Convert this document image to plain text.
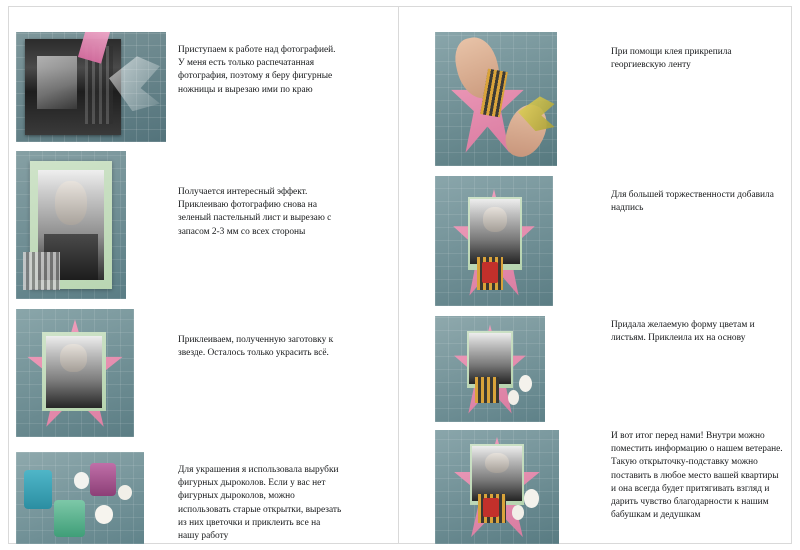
Приступаем к работе над фотографией. У меня есть только распечатанная фотография, поэтому я беру фигурные ножницы и вырезаю ими по краю
Получается интересный эффект. Приклеиваю фотографию снова на зеленый пастельный лист и вырезаю с запасом 2-3 мм со всех стороны
Приклеиваем, полученную заготовку к звезде. Осталось только украсить всё.
Для украшения я использовала вырубки фигурных дыроколов. Если у вас нет фигурных дыроколов, можно использовать старые открытки, вырезать из них цветочки и приклеить все на нашу работу
При помощи клея прикрепила георгиевскую ленту
Для большей торжественности добавила надпись
Придала желаемую форму цветам и листьям. Приклеила их на основу
И вот итог перед нами! Внутри можно поместить информацию о нашем ветеране. Такую открыточку-подставку можно поставить в любое место вашей квартиры и она всегда будет притягивать взгляд и дарить чувство благодарности к нашим бабушкам и дедушкам
